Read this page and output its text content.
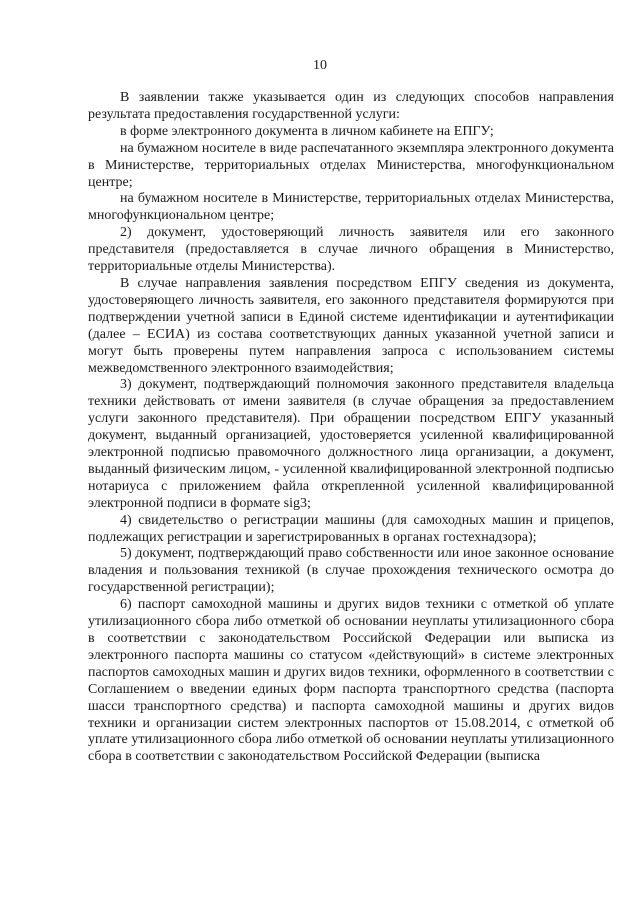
10

В заявлении также указывается один из следующих способов направления результата предоставления государственной услуги:

в форме электронного документа в личном кабинете на ЕПГУ;

на бумажном носителе в виде распечатанного экземпляра электронного документа в Министерстве, территориальных отделах Министерства, многофункциональном центре;

на бумажном носителе в Министерстве, территориальных отделах Министерства, многофункциональном центре;

2) документ, удостоверяющий личность заявителя или его законного представителя (предоставляется в случае личного обращения в Министерство, территориальные отделы Министерства).

В случае направления заявления посредством ЕПГУ сведения из документа, удостоверяющего личность заявителя, его законного представителя формируются при подтверждении учетной записи в Единой системе идентификации и аутентификации (далее – ЕСИА) из состава соответствующих данных указанной учетной записи и могут быть проверены путем направления запроса с использованием системы межведомственного электронного взаимодействия;

3) документ, подтверждающий полномочия законного представителя владельца техники действовать от имени заявителя (в случае обращения за предоставлением услуги законного представителя). При обращении посредством ЕПГУ указанный документ, выданный организацией, удостоверяется усиленной квалифицированной электронной подписью правомочного должностного лица организации, а документ, выданный физическим лицом, - усиленной квалифицированной электронной подписью нотариуса с приложением файла открепленной усиленной квалифицированной электронной подписи в формате sig3;

4) свидетельство о регистрации машины (для самоходных машин и прицепов, подлежащих регистрации и зарегистрированных в органах гостехнадзора);

5) документ, подтверждающий право собственности или иное законное основание владения и пользования техникой (в случае прохождения технического осмотра до государственной регистрации);

6) паспорт самоходной машины и других видов техники с отметкой об уплате утилизационного сбора либо отметкой об основании неуплаты утилизационного сбора в соответствии с законодательством Российской Федерации или выписка из электронного паспорта машины со статусом «действующий» в системе электронных паспортов самоходных машин и других видов техники, оформленного в соответствии с Соглашением о введении единых форм паспорта транспортного средства (паспорта шасси транспортного средства) и паспорта самоходной машины и других видов техники и организации систем электронных паспортов от 15.08.2014, с отметкой об уплате утилизационного сбора либо отметкой об основании неуплаты утилизационного сбора в соответствии с законодательством Российской Федерации (выписка
